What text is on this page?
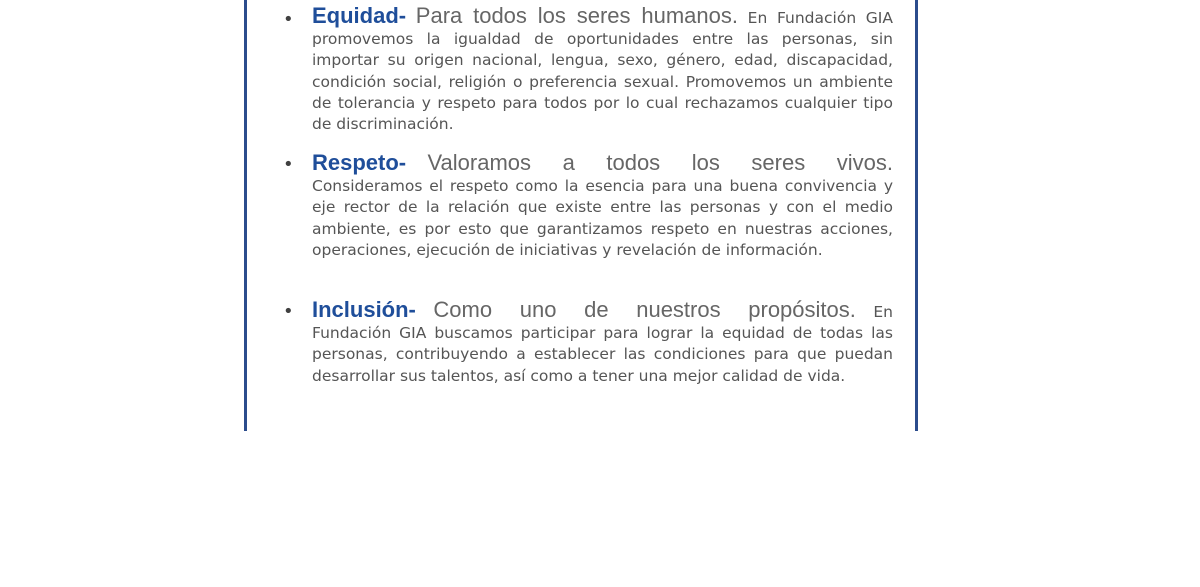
• Equidad- Para todos los seres humanos. En Fundación GIA promovemos la igualdad de oportunidades entre las personas, sin importar su origen nacional, lengua, sexo, género, edad, discapacidad, condición social, religión o preferencia sexual. Promovemos un ambiente de tolerancia y respeto para todos por lo cual rechazamos cualquier tipo de discriminación.
• Respeto- Valoramos a todos los seres vivos. Consideramos el respeto como la esencia para una buena convivencia y eje rector de la relación que existe entre las personas y con el medio ambiente, es por esto que garantizamos respeto en nuestras acciones, operaciones, ejecución de iniciativas y revelación de información.
• Inclusión- Como uno de nuestros propósitos. En Fundación GIA buscamos participar para lograr la equidad de todas las personas, contribuyendo a establecer las condiciones para que puedan desarrollar sus talentos, así como a tener una mejor calidad de vida.
